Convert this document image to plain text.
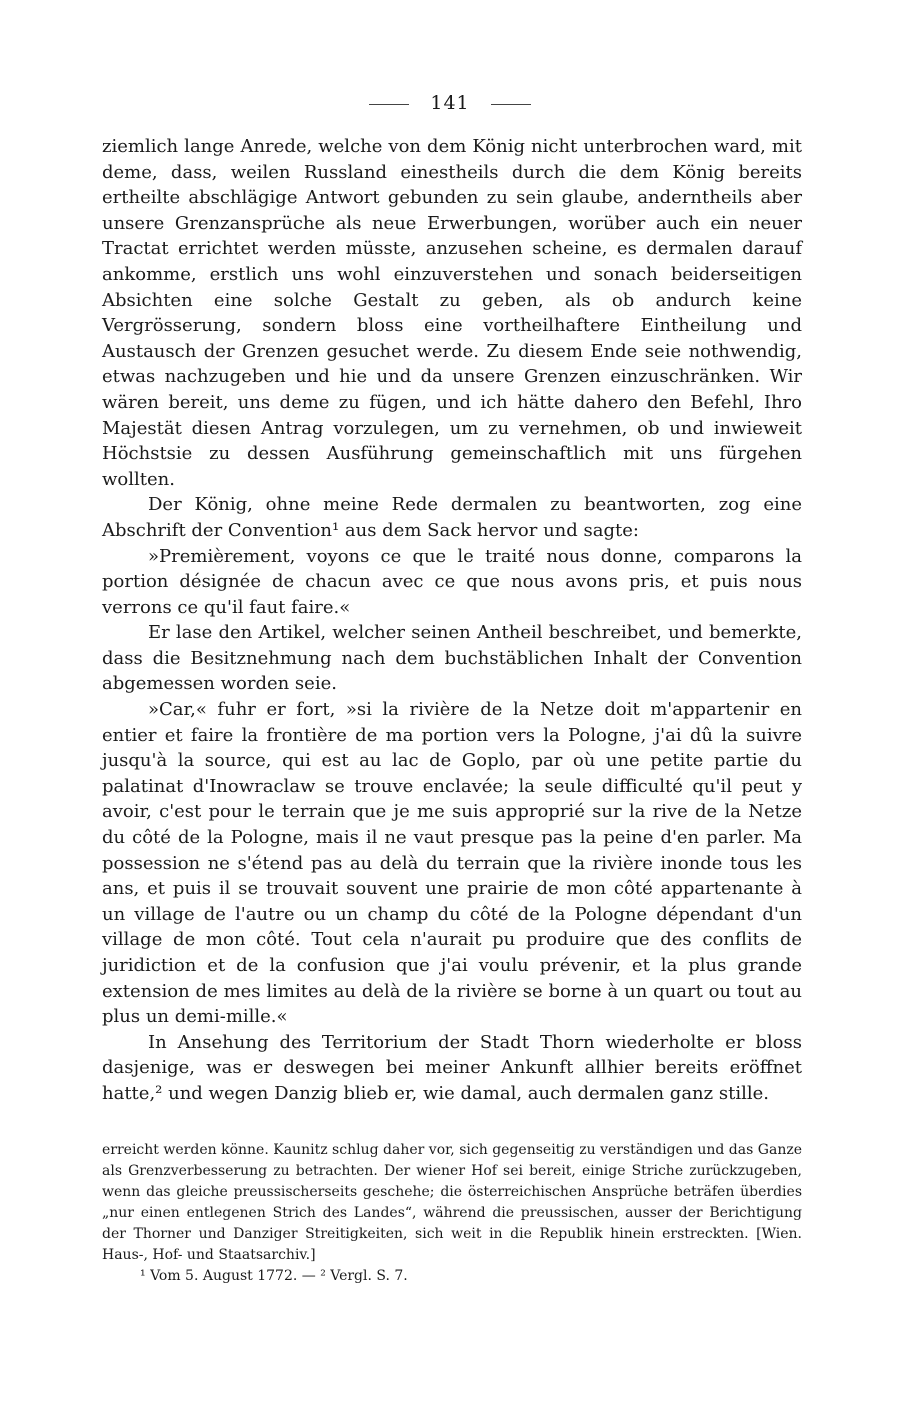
141

ziemlich lange Anrede, welche von dem König nicht unterbrochen ward, mit deme, dass, weilen Russland einestheils durch die dem König bereits ertheilte abschlägige Antwort gebunden zu sein glaube, anderntheils aber unsere Grenzansprüche als neue Erwerbungen, worüber auch ein neuer Tractat errichtet werden müsste, anzusehen scheine, es dermalen darauf ankomme, erstlich uns wohl einzuverstehen und sonach beiderseitigen Absichten eine solche Gestalt zu geben, als ob andurch keine Vergrösserung, sondern bloss eine vortheilhaftere Eintheilung und Austausch der Grenzen gesuchet werde. Zu diesem Ende seie nothwendig, etwas nachzugeben und hie und da unsere Grenzen einzuschränken. Wir wären bereit, uns deme zu fügen, und ich hätte dahero den Befehl, Ihro Majestät diesen Antrag vorzulegen, um zu vernehmen, ob und inwieweit Höchstsie zu dessen Ausführung gemeinschaftlich mit uns fürgehen wollten.

Der König, ohne meine Rede dermalen zu beantworten, zog eine Abschrift der Convention¹ aus dem Sack hervor und sagte:

»Premièrement, voyons ce que le traité nous donne, comparons la portion désignée de chacun avec ce que nous avons pris, et puis nous verrons ce qu'il faut faire.«

Er lase den Artikel, welcher seinen Antheil beschreibet, und bemerkte, dass die Besitznehmung nach dem buchstäblichen Inhalt der Convention abgemessen worden seie.

»Car,« fuhr er fort, »si la rivière de la Netze doit m'appartenir en entier et faire la frontière de ma portion vers la Pologne, j'ai dû la suivre jusqu'à la source, qui est au lac de Goplo, par où une petite partie du palatinat d'Inowraclaw se trouve enclavée; la seule difficulté qu'il peut y avoir, c'est pour le terrain que je me suis approprié sur la rive de la Netze du côté de la Pologne, mais il ne vaut presque pas la peine d'en parler. Ma possession ne s'étend pas au delà du terrain que la rivière inonde tous les ans, et puis il se trouvait souvent une prairie de mon côté appartenante à un village de l'autre ou un champ du côté de la Pologne dépendant d'un village de mon côté. Tout cela n'aurait pu produire que des conflits de juridiction et de la confusion que j'ai voulu prévenir, et la plus grande extension de mes limites au delà de la rivière se borne à un quart ou tout au plus un demi-mille.«

In Ansehung des Territorium der Stadt Thorn wiederholte er bloss dasjenige, was er deswegen bei meiner Ankunft allhier bereits eröffnet hatte,² und wegen Danzig blieb er, wie damal, auch dermalen ganz stille.

erreicht werden könne. Kaunitz schlug daher vor, sich gegenseitig zu verständigen und das Ganze als Grenzverbesserung zu betrachten. Der wiener Hof sei bereit, einige Striche zurückzugeben, wenn das gleiche preussischerseits geschehe; die österreichischen Ansprüche beträfen überdies „nur einen entlegenen Strich des Landes“, während die preussischen, ausser der Berichtigung der Thorner und Danziger Streitigkeiten, sich weit in die Republik hinein erstreckten. [Wien. Haus-, Hof- und Staatsarchiv.]

¹ Vom 5. August 1772. — ² Vergl. S. 7.
